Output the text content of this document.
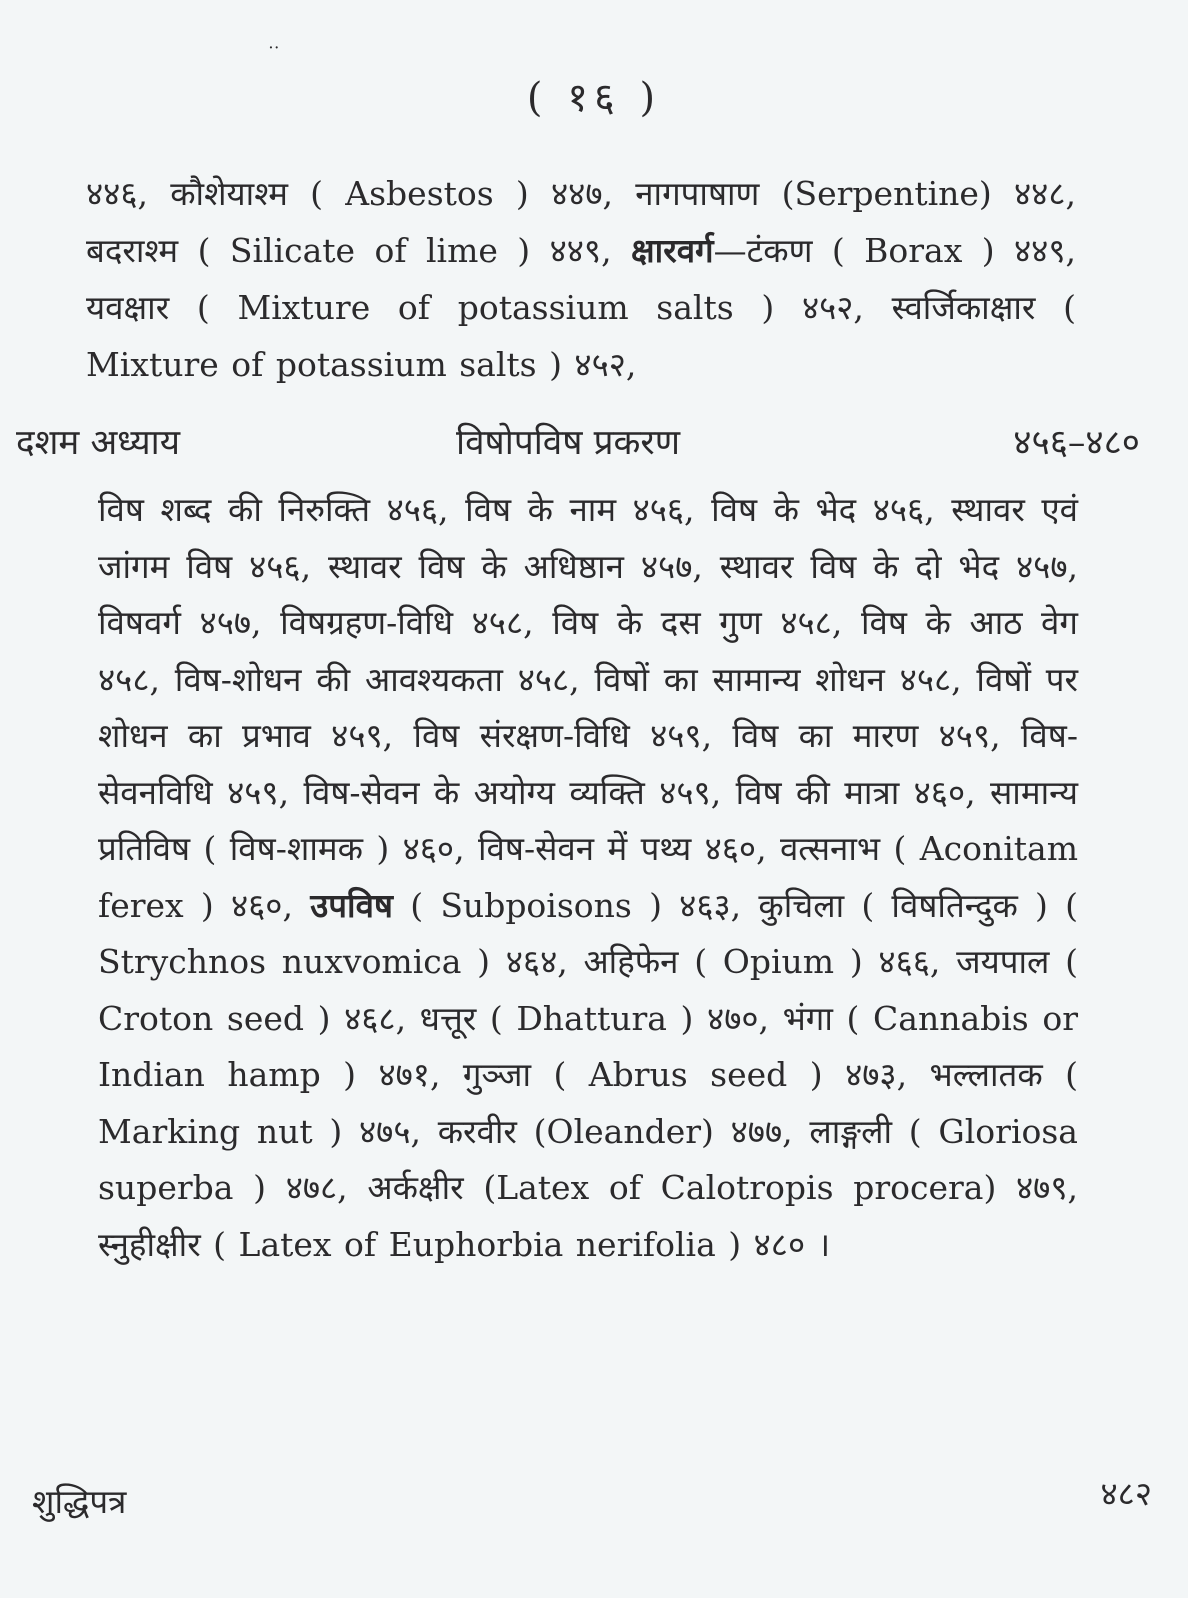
ॱॱ
( १६ )
४४६, कौशेयाश्म ( Asbestos ) ४४७, नागपाषाण (Serpentine) ४४८, बदराश्म ( Silicate of lime ) ४४९, क्षारवर्ग—टंकण ( Borax ) ४४९, यवक्षार ( Mixture of potassium salts ) ४५२, स्वर्जिकाक्षार ( Mixture of potassium salts ) ४५२,
दशम अध्याय	विषोपविष प्रकरण	४५६–४८०
विष शब्द की निरुक्ति ४५६, विष के नाम ४५६, विष के भेद ४५६, स्थावर एवं जांगम विष ४५६, स्थावर विष के अधिष्ठान ४५७, स्थावर विष के दो भेद ४५७, विषवर्ग ४५७, विषग्रहण-विधि ४५८, विष के दस गुण ४५८, विष के आठ वेग ४५८, विष-शोधन की आवश्यकता ४५८, विषों का सामान्य शोधन ४५८, विषों पर शोधन का प्रभाव ४५९, विष संरक्षण-विधि ४५९, विष का मारण ४५९, विष-सेवनविधि ४५९, विष-सेवन के अयोग्य व्यक्ति ४५९, विष की मात्रा ४६०, सामान्य प्रतिविष ( विष-शामक ) ४६०, विष-सेवन में पथ्य ४६०, वत्सनाभ ( Aconitam ferex ) ४६०, उपविष ( Subpoisons ) ४६३, कुचिला ( विषतिन्दुक ) ( Strychnos nuxvomica ) ४६४, अहिफेन ( Opium ) ४६६, जयपाल ( Croton seed ) ४६८, धत्तूर ( Dhattura ) ४७०, भंगा ( Cannabis or Indian hamp ) ४७१, गुञ्जा ( Abrus seed ) ४७३, भल्लातक ( Marking nut ) ४७५, करवीर (Oleander) ४७७, लाङ्गली ( Gloriosa superba ) ४७८, अर्कक्षीर (Latex of Calotropis procera) ४७९, स्नुहीक्षीर ( Latex of Euphorbia nerifolia ) ४८० ।
शुद्धिपत्र	४८२
